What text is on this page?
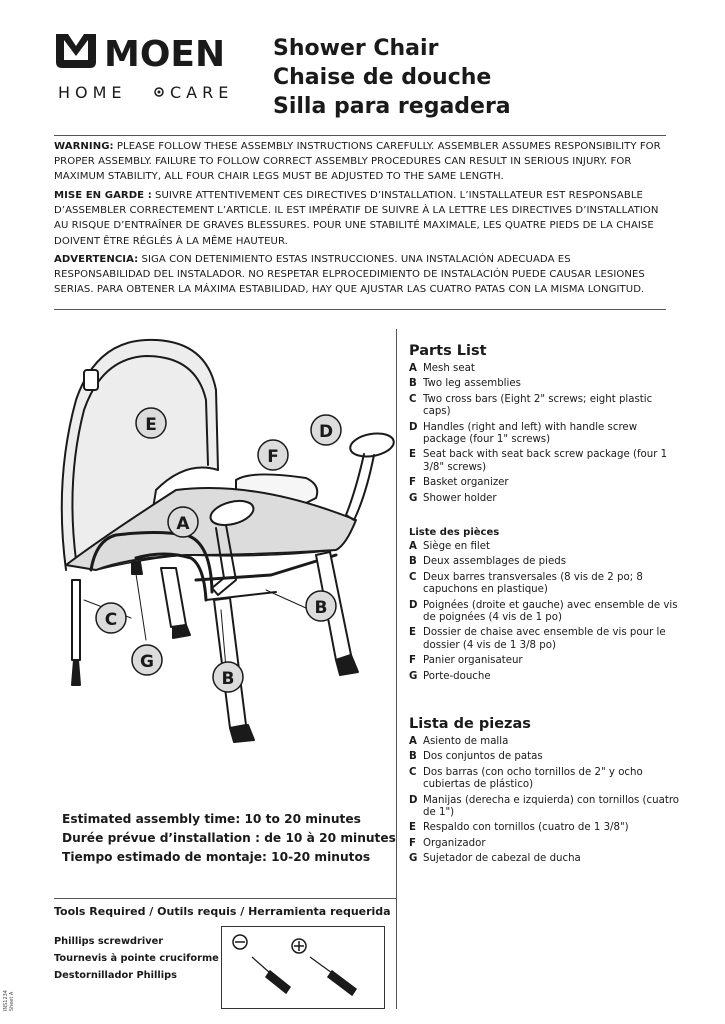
MOEN
HOME	CARE
Shower Chair
Chaise de douche
Silla para regadera
WARNING: PLEASE FOLLOW THESE ASSEMBLY INSTRUCTIONS CAREFULLY. ASSEMBLER ASSUMES RESPONSIBILITY FOR PROPER ASSEMBLY. FAILURE TO FOLLOW CORRECT ASSEMBLY PROCEDURES CAN RESULT IN SERIOUS INJURY. FOR MAXIMUM STABILITY, ALL FOUR CHAIR LEGS MUST BE ADJUSTED TO THE SAME LENGTH.
MISE EN GARDE : SUIVRE ATTENTIVEMENT CES DIRECTIVES D’INSTALLATION. L’INSTALLATEUR EST RESPONSABLE D’ASSEMBLER CORRECTEMENT L’ARTICLE. IL EST IMPÉRATIF DE SUIVRE À LA LETTRE LES DIRECTIVES D’INSTALLATION AU RISQUE D’ENTRAÎNER DE GRAVES BLESSURES. POUR UNE STABILITÉ MAXIMALE, LES QUATRE PIEDS DE LA CHAISE DOIVENT ÊTRE RÉGLÉS À LA MÊME HAUTEUR.
ADVERTENCIA: SIGA CON DETENIMIENTO ESTAS INSTRUCCIONES. UNA INSTALACIÓN ADECUADA ES RESPONSABILIDAD DEL INSTALADOR. NO RESPETAR ELPROCEDIMIENTO DE INSTALACIÓN PUEDE CAUSAR LESIONES SERIAS. PARA OBTENER LA MÁXIMA ESTABILIDAD, HAY QUE AJUSTAR LAS CUATRO PATAS CON LA MISMA LONGITUD.
E	D
F
A
C
B
G
B
Parts List
A Mesh seat
B Two leg assemblies
C Two cross bars (Eight 2" screws; eight plastic caps)
D Handles (right and left) with handle screw package (four 1" screws)
E Seat back with seat back screw package (four 1 3/8" screws)
F Basket organizer
G Shower holder
Liste des pièces
A Siège en filet
B Deux assemblages de pieds
C Deux barres transversales (8 vis de 2 po; 8 capuchons en plastique)
D Poignées (droite et gauche) avec ensemble de vis de poignées (4 vis de 1 po)
E Dossier de chaise avec ensemble de vis pour le dossier (4 vis de 1 3/8 po)
F Panier organisateur
G Porte-douche
Lista de piezas
A Asiento de malla
B Dos conjuntos de patas
C Dos barras (con ocho tornillos de 2" y ocho cubiertas de plástico)
D Manijas (derecha e izquierda) con tornillos (cuatro de 1")
E Respaldo con tornillos (cuatro de 1 3/8")
F Organizador
G Sujetador de cabezal de ducha
Estimated assembly time: 10 to 20 minutes
Durée prévue d’installation : de 10 à 20 minutes
Tiempo estimado de montaje: 10-20 minutos
Tools Required / Outils requis / Herramienta requerida
Phillips screwdriver
Tournevis à pointe cruciforme
Destornillador Phillips
INS1234
Sheet A
